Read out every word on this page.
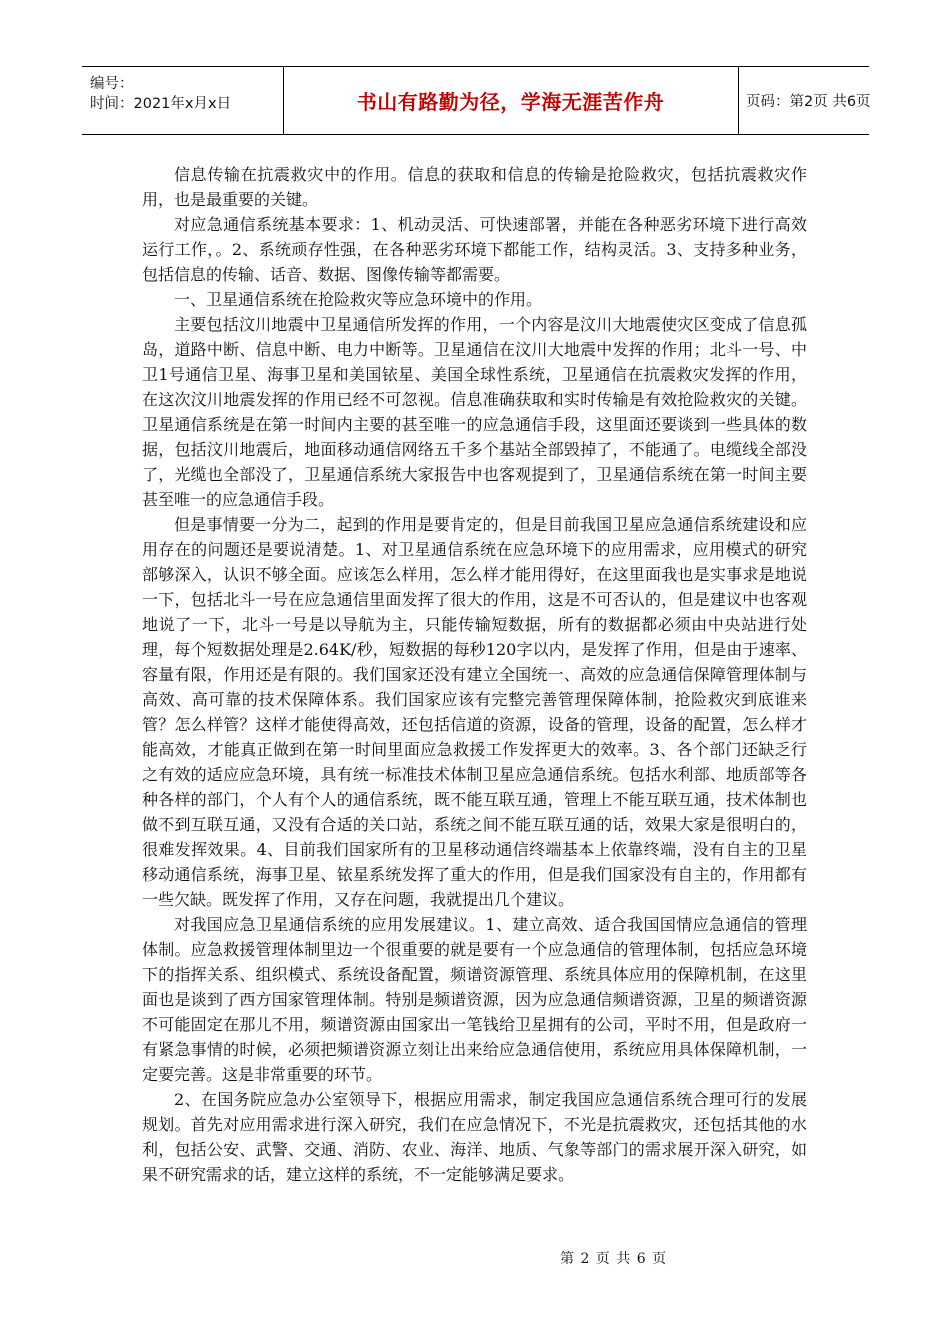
编号：
时间：2021年x月x日	书山有路勤为径，学海无涯苦作舟	页码：第2页 共6页

信息传输在抗震救灾中的作用。信息的获取和信息的传输是抢险救灾，包括抗震救灾作用，也是最重要的关键。

对应急通信系统基本要求：1、机动灵活、可快速部署，并能在各种恶劣环境下进行高效运行工作，。2、系统顽存性强，在各种恶劣环境下都能工作，结构灵活。3、支持多种业务，包括信息的传输、话音、数据、图像传输等都需要。

一、卫星通信系统在抢险救灾等应急环境中的作用。

主要包括汶川地震中卫星通信所发挥的作用，一个内容是汶川大地震使灾区变成了信息孤岛，道路中断、信息中断、电力中断等。卫星通信在汶川大地震中发挥的作用；北斗一号、中卫1号通信卫星、海事卫星和美国铱星、美国全球性系统，卫星通信在抗震救灾发挥的作用，在这次汶川地震发挥的作用已经不可忽视。信息准确获取和实时传输是有效抢险救灾的关键。卫星通信系统是在第一时间内主要的甚至唯一的应急通信手段，这里面还要谈到一些具体的数据，包括汶川地震后，地面移动通信网络五千多个基站全部毁掉了，不能通了。电缆线全部没了，光缆也全部没了，卫星通信系统大家报告中也客观提到了，卫星通信系统在第一时间主要甚至唯一的应急通信手段。

但是事情要一分为二，起到的作用是要肯定的，但是目前我国卫星应急通信系统建设和应用存在的问题还是要说清楚。1、对卫星通信系统在应急环境下的应用需求，应用模式的研究部够深入，认识不够全面。应该怎么样用，怎么样才能用得好，在这里面我也是实事求是地说一下，包括北斗一号在应急通信里面发挥了很大的作用，这是不可否认的，但是建议中也客观地说了一下，北斗一号是以导航为主，只能传输短数据，所有的数据都必须由中央站进行处理，每个短数据处理是2.64K/秒，短数据的每秒120字以内，是发挥了作用，但是由于速率、容量有限，作用还是有限的。我们国家还没有建立全国统一、高效的应急通信保障管理体制与高效、高可靠的技术保障体系。我们国家应该有完整完善管理保障体制，抢险救灾到底谁来管？怎么样管？这样才能使得高效，还包括信道的资源，设备的管理，设备的配置，怎么样才能高效，才能真正做到在第一时间里面应急救援工作发挥更大的效率。3、各个部门还缺乏行之有效的适应应急环境，具有统一标准技术体制卫星应急通信系统。包括水利部、地质部等各种各样的部门，个人有个人的通信系统，既不能互联互通，管理上不能互联互通，技术体制也做不到互联互通，又没有合适的关口站，系统之间不能互联互通的话，效果大家是很明白的，很难发挥效果。4、目前我们国家所有的卫星移动通信终端基本上依靠终端，没有自主的卫星移动通信系统，海事卫星、铱星系统发挥了重大的作用，但是我们国家没有自主的，作用都有一些欠缺。既发挥了作用，又存在问题，我就提出几个建议。

对我国应急卫星通信系统的应用发展建议。1、建立高效、适合我国国情应急通信的管理体制。应急救援管理体制里边一个很重要的就是要有一个应急通信的管理体制，包括应急环境下的指挥关系、组织模式、系统设备配置，频谱资源管理、系统具体应用的保障机制，在这里面也是谈到了西方国家管理体制。特别是频谱资源，因为应急通信频谱资源，卫星的频谱资源不可能固定在那儿不用，频谱资源由国家出一笔钱给卫星拥有的公司，平时不用，但是政府一有紧急事情的时候，必须把频谱资源立刻让出来给应急通信使用，系统应用具体保障机制，一定要完善。这是非常重要的环节。

2、在国务院应急办公室领导下，根据应用需求，制定我国应急通信系统合理可行的发展规划。首先对应用需求进行深入研究，我们在应急情况下，不光是抗震救灾，还包括其他的水利，包括公安、武警、交通、消防、农业、海洋、地质、气象等部门的需求展开深入研究，如果不研究需求的话，建立这样的系统，不一定能够满足要求。

第 2 页 共 6 页
